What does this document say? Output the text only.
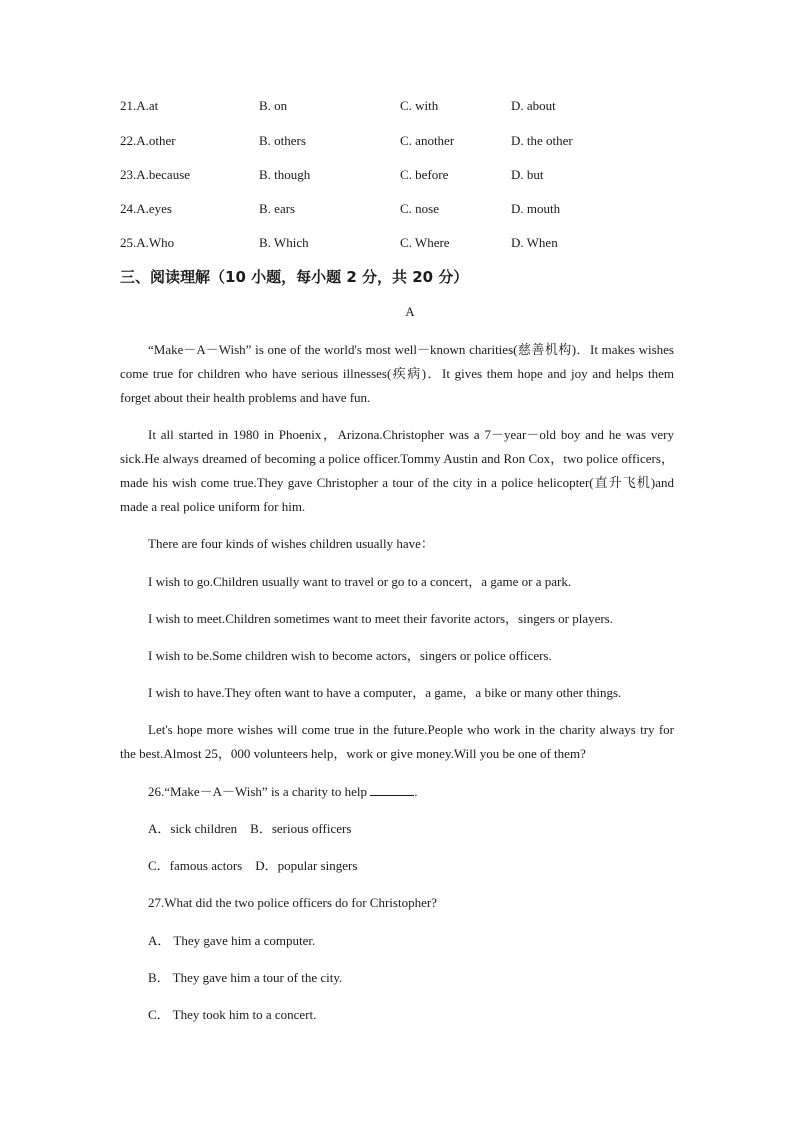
21.A.at	B. on	C. with	D. about
22.A.other	B. others	C. another	D. the other
23.A.because	B. though	C. before	D. but
24.A.eyes	B. ears	C. nose	D. mouth
25.A.Who	B. Which	C. Where	D. When
三、阅读理解（10 小题，每小题 2 分，共 20 分）
A

“Make－A－Wish” is one of the world's most well－known charities(慈善机构)．It makes wishes come true for children who have serious illnesses(疾病)．It gives them hope and joy and helps them forget about their health problems and have fun.

It all started in 1980 in Phoenix，Arizona.Christopher was a 7－year－old boy and he was very sick.He always dreamed of becoming a police officer.Tommy Austin and Ron Cox，two police officers，made his wish come true.They gave Christopher a tour of the city in a police helicopter(直升飞机)and made a real police uniform for him.

There are four kinds of wishes children usually have：
I wish to go.Children usually want to travel or go to a concert，a game or a park.
I wish to meet.Children sometimes want to meet their favorite actors，singers or players.
I wish to be.Some children wish to become actors，singers or police officers.
I wish to have.They often want to have a computer，a game，a bike or many other things.

Let's hope more wishes will come true in the future.People who work in the charity always try for the best.Almost 25，000 volunteers help，work or give money.Will you be one of them?

26.“Make－A－Wish” is a charity to help	.
A．sick children　B．serious officers
C．famous actors　D．popular singers
27.What did the two police officers do for Christopher?
A． They gave him a computer.
B． They gave him a tour of the city.
C． They took him to a concert.
